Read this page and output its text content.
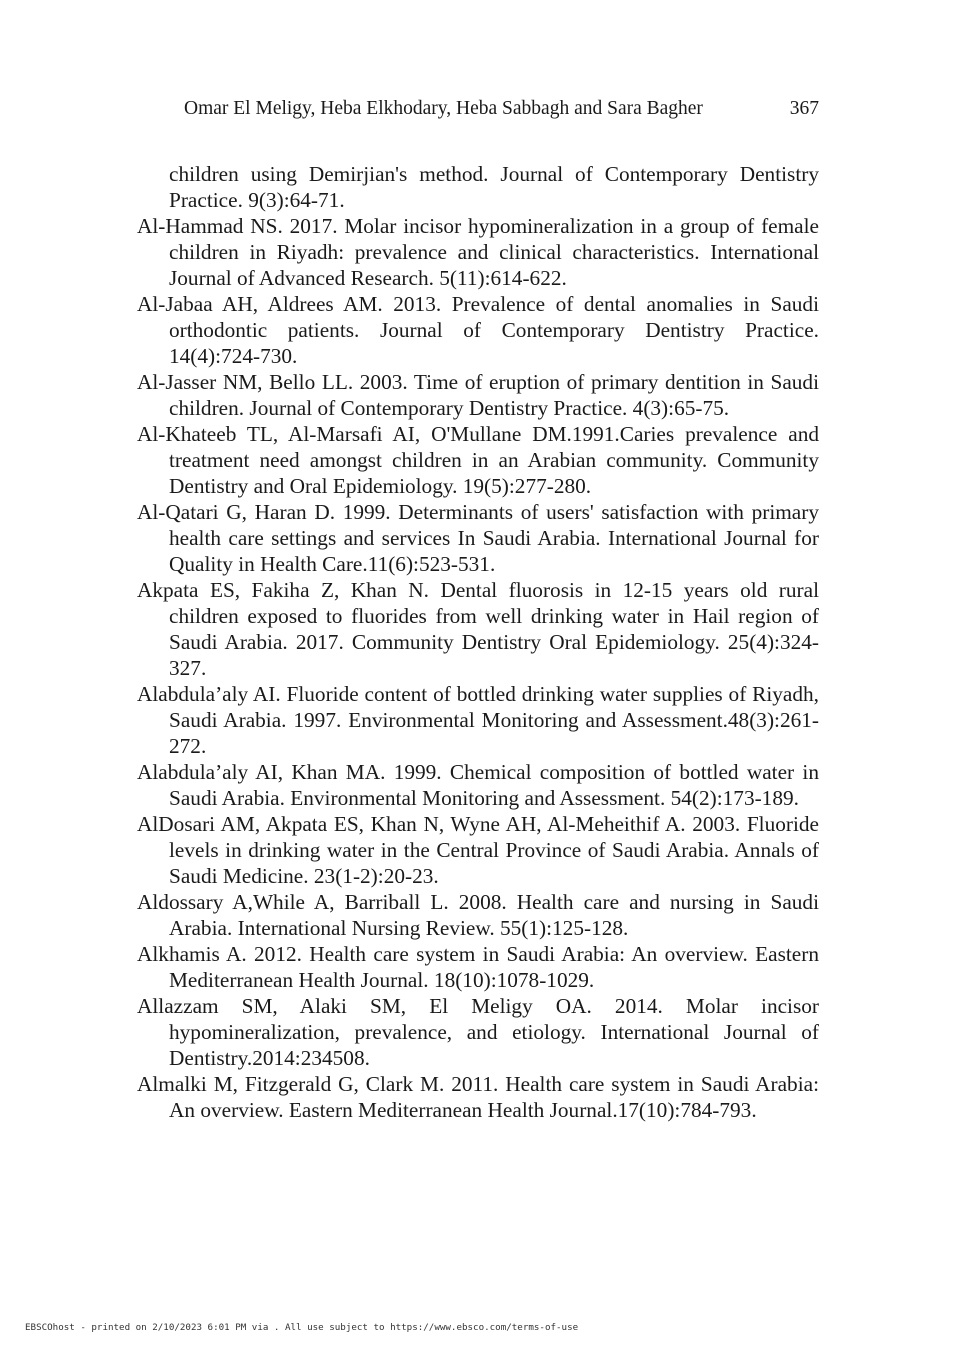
Omar El Meligy, Heba Elkhodary, Heba Sabbagh and Sara Bagher	367
children using Demirjian's method. Journal of Contemporary Dentistry Practice. 9(3):64-71.
Al-Hammad NS. 2017. Molar incisor hypomineralization in a group of female children in Riyadh: prevalence and clinical characteristics. International Journal of Advanced Research. 5(11):614-622.
Al-Jabaa AH, Aldrees AM. 2013. Prevalence of dental anomalies in Saudi orthodontic patients. Journal of Contemporary Dentistry Practice. 14(4):724-730.
Al-Jasser NM, Bello LL. 2003. Time of eruption of primary dentition in Saudi children. Journal of Contemporary Dentistry Practice. 4(3):65-75.
Al-Khateeb TL, Al-Marsafi AI, O'Mullane DM.1991.Caries prevalence and treatment need amongst children in an Arabian community. Community Dentistry and Oral Epidemiology. 19(5):277-280.
Al-Qatari G, Haran D. 1999. Determinants of users' satisfaction with primary health care settings and services In Saudi Arabia. International Journal for Quality in Health Care.11(6):523-531.
Akpata ES, Fakiha Z, Khan N. Dental fluorosis in 12-15 years old rural children exposed to fluorides from well drinking water in Hail region of Saudi Arabia. 2017. Community Dentistry Oral Epidemiology. 25(4):324-327.
Alabdula’aly AI. Fluoride content of bottled drinking water supplies of Riyadh, Saudi Arabia. 1997. Environmental Monitoring and Assessment.48(3):261-272.
Alabdula’aly AI, Khan MA. 1999. Chemical composition of bottled water in Saudi Arabia. Environmental Monitoring and Assessment. 54(2):173-189.
AlDosari AM, Akpata ES, Khan N, Wyne AH, Al-Meheithif A. 2003. Fluoride levels in drinking water in the Central Province of Saudi Arabia. Annals of Saudi Medicine. 23(1-2):20-23.
Aldossary A,While A, Barriball L. 2008. Health care and nursing in Saudi Arabia. International Nursing Review. 55(1):125-128.
Alkhamis A. 2012. Health care system in Saudi Arabia: An overview. Eastern Mediterranean Health Journal. 18(10):1078-1029.
Allazzam SM, Alaki SM, El Meligy OA. 2014. Molar incisor hypomineralization, prevalence, and etiology. International Journal of Dentistry.2014:234508.
Almalki M, Fitzgerald G, Clark M. 2011. Health care system in Saudi Arabia: An overview. Eastern Mediterranean Health Journal.17(10):784-793.
EBSCOhost - printed on 2/10/2023 6:01 PM via . All use subject to https://www.ebsco.com/terms-of-use
